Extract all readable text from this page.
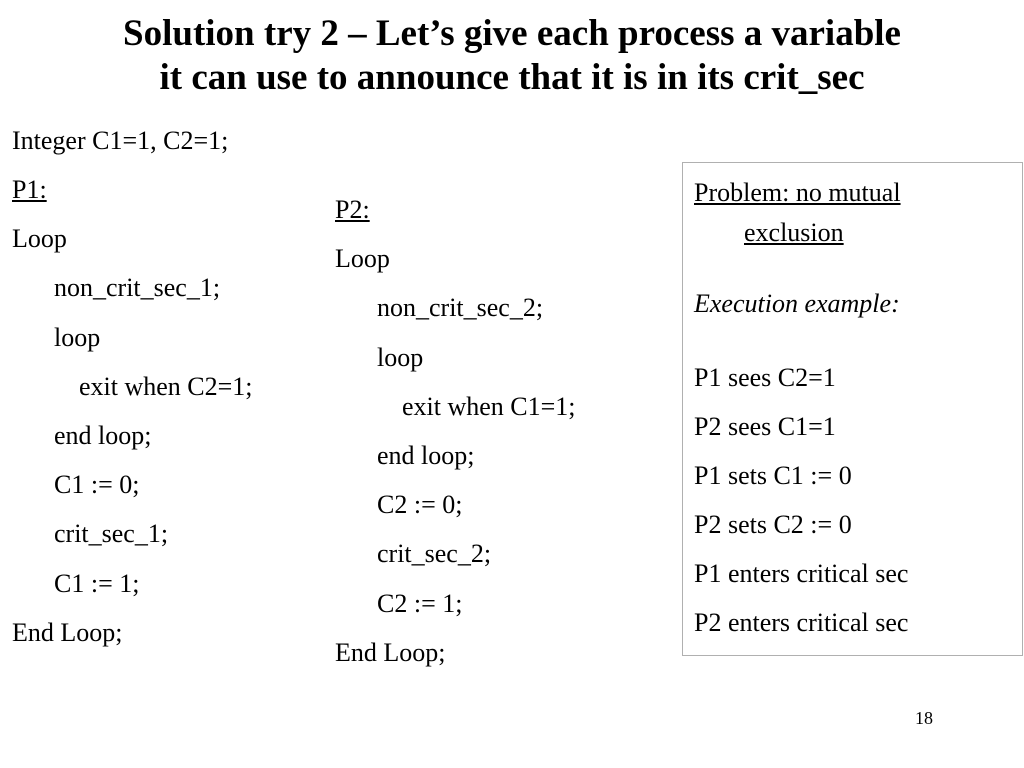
Solution try 2 – Let’s give each process a variable
it can use to announce that it is in its crit_sec
Integer C1=1, C2=1;
P1:
Loop
non_crit_sec_1;
loop
exit when C2=1;
end loop;
C1 := 0;
crit_sec_1;
C1 := 1;
End Loop;
P2:
Loop
non_crit_sec_2;
loop
exit when C1=1;
end loop;
C2 := 0;
crit_sec_2;
C2 := 1;
End Loop;
Problem: no mutual
exclusion
Execution example:
P1 sees C2=1
P2 sees C1=1
P1 sets C1 := 0
P2 sets C2 := 0
P1 enters critical sec
P2 enters critical sec
18
